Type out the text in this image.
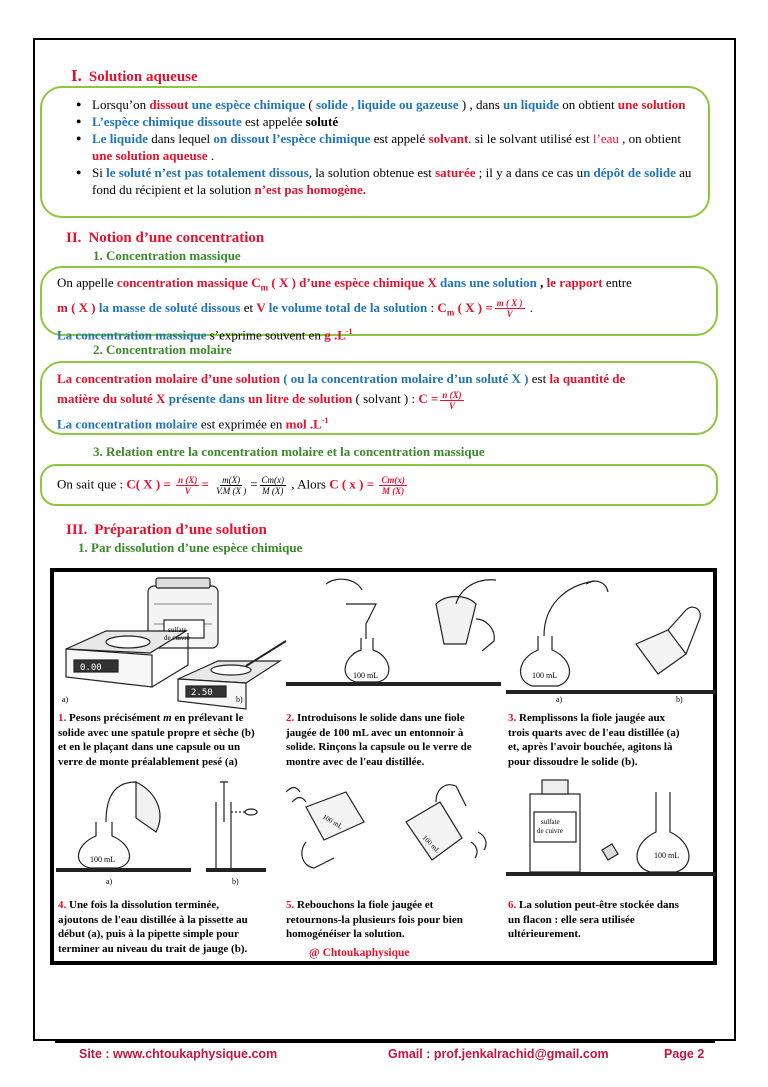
I. Solution aqueuse
● Lorsqu’on dissout une espèce chimique ( solide , liquide ou gazeuse ) , dans un liquide on obtient une solution
● L’espèce chimique dissoute est appelée soluté
● Le liquide dans lequel on dissout l’espèce chimique est appelé solvant. si le solvant utilisé est l’eau , on obtient une solution aqueuse .
● Si le soluté n’est pas totalement dissous, la solution obtenue est saturée ; il y a dans ce cas un dépôt de solide au fond du récipient et la solution n’est pas homogène.
II. Notion d’une concentration
1. Concentration massique
On appelle concentration massique $C_m$ ( X ) d’une espèce chimique X dans une solution , le rapport entre
m ( X ) la masse de soluté dissous et V le volume total de la solution : $C_m$ ( X ) = $\frac{m ( X )}{V}$ .
La concentration massique s’exprime souvent en g $.L^{-1}$
2. Concentration molaire
La concentration molaire d’une solution ( ou la concentration molaire d’un soluté X ) est la quantité de
matière du soluté X présente dans un litre de solution ( solvant ) : $C = \frac{n (X)}{V}$
La concentration molaire est exprimée en mol $.L^{-1}$
3. Relation entre la concentration molaire et la concentration massique
On sait que : C( X ) = $\frac{n (X)}{V} = \frac{m(X)}{V.M (X )} = \frac{Cm(x)}{M (X)}$ , Alors C ( x ) = $\frac{Cm(x)}{M (X)}$
III. Préparation d’une solution
1. Par dissolution d’une espèce chimique
sulfate
de cuivre
0.00
2.50
a)	b)
100 mL	100 mL
a)	b)
1. Pesons précisément m en prélevant le
solide avec une spatule propre et sèche (b)
et en le plaçant dans une capsule ou un
verre de monte préalablement pesé (a)
2. Introduisons le solide dans une fiole
jaugée de 100 mL avec un entonnoir à
solide. Rinçons la capsule ou le verre de
montre avec de l'eau distillée.
3. Remplissons la fiole jaugée aux
trois quarts avec de l'eau distillée (a)
et, après l'avoir bouchée, agitons là
pour dissoudre le solide (b).
100 mL
a)	b)
100 mL
100 mL
sulfate
de cuivre
100 mL
4. Une fois la dissolution terminée,
ajoutons de l'eau distillée à la pissette au
début (a), puis à la pipette simple pour
terminer au niveau du trait de jauge (b).
5. Rebouchons la fiole jaugée et
retournons-la plusieurs fois pour bien
homogénéiser la solution.
6. La solution peut-être stockée dans
un flacon : elle sera utilisée
ultérieurement.
@ Chtoukaphysique
Site : www.chtoukaphysique.com	Gmail : prof.jenkalrachid@gmail.com	Page 2
